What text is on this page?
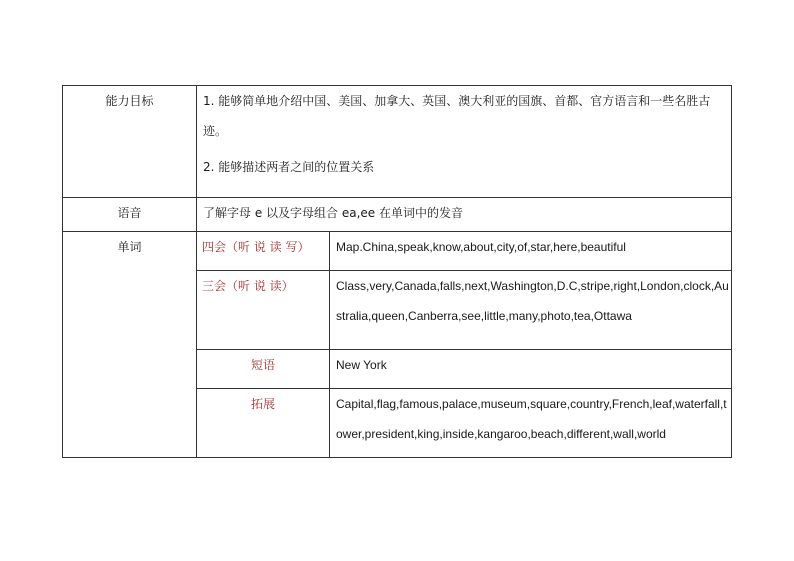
能力目标	1. 能够简单地介绍中国、美国、加拿大、英国、澳大利亚的国旗、首都、官方语言和一些名胜古迹。

2. 能够描述两者之间的位置关系	

语音	了解字母 e 以及字母组合 ea,ee 在单词中的发音	
单词	四会（听 说 读 写）	Map.China,speak,know,about,city,of,star,here,beautiful
	三会（听 说 读）	Class,very,Canada,falls,next,Washington,D.C,stripe,right,London,clock,Australia,queen,Canberra,see,little,many,photo,tea,Ottawa
	短语	New York
	拓展	Capital,flag,famous,palace,museum,square,country,French,leaf,waterfall,tower,president,king,inside,kangaroo,beach,different,wall,world
